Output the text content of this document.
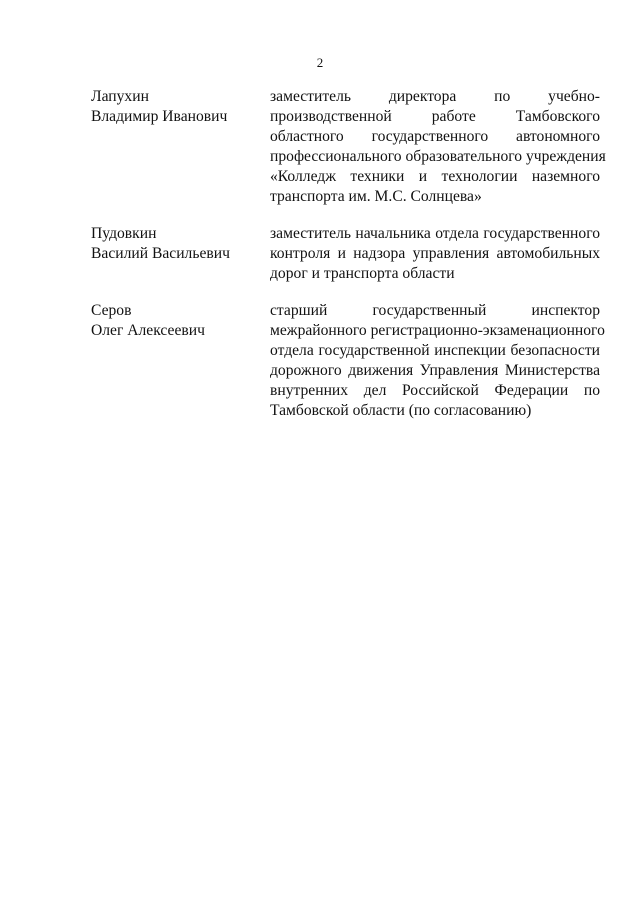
2
Лапухин
Владимир Иванович
заместитель директора по учебно-
производственной работе Тамбовского
областного государственного автономного
профессионального образовательного учреждения
«Колледж техники и технологии наземного
транспорта им. М.С. Солнцева»
Пудовкин
Василий Васильевич
заместитель начальника отдела государственного
контроля и надзора управления автомобильных
дорог и транспорта области
Серов
Олег Алексеевич
старший государственный инспектор
межрайонного регистрационно-экзаменационного
отдела государственной инспекции безопасности
дорожного движения Управления Министерства
внутренних дел Российской Федерации по
Тамбовской области (по согласованию)
